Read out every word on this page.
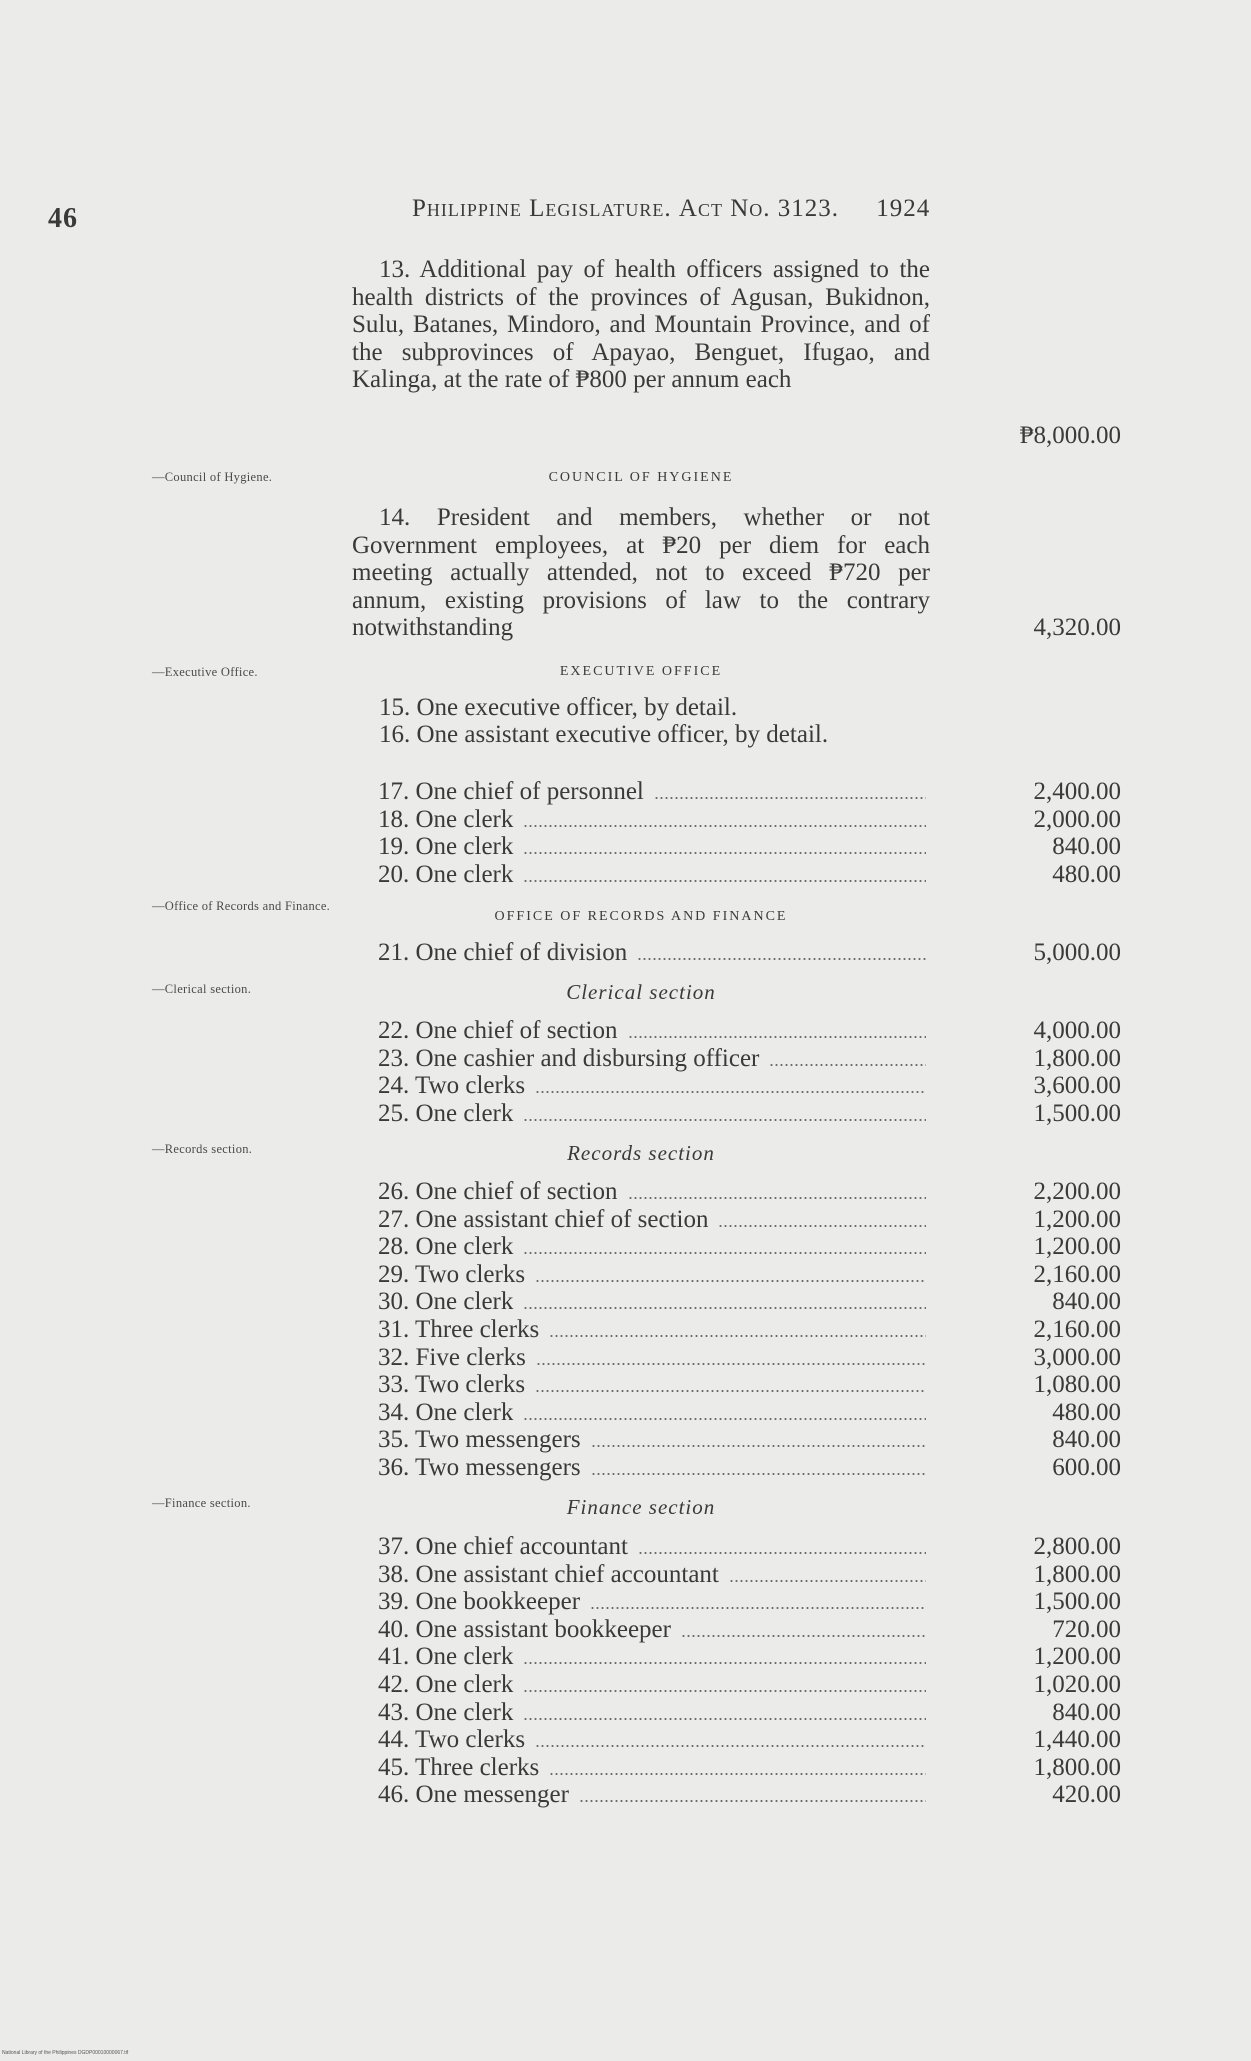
46	Philippine Legislature. Act No. 3123. 1924

13. Additional pay of health officers assigned to the health districts of the provinces of Agusan, Bukidnon, Sulu, Batanes, Mindoro, and Mountain Province, and of the subprovinces of Apayao, Benguet, Ifugao, and Kalinga, at the rate of ₱800 per annum each

₱8,000.00
—Council of Hygiene.	COUNCIL OF HYGIENE

14. President and members, whether or not Government employees, at ₱20 per diem for each meeting actually attended, not to exceed ₱720 per annum, existing provisions of law to the contrary notwithstanding	4,320.00
—Executive Office.	EXECUTIVE OFFICE

15. One executive officer, by detail.

16. One assistant executive officer, by detail.

—Office of Records and Finance.
OFFICE OF RECORDS AND FINANCE
—Clerical section.	Clerical section
—Records section.	Records section
—Finance section.	Finance section
17. One chief of personnel	2,400.00
18. One clerk	2,000.00
19. One clerk	840.00
20. One clerk	480.00
21. One chief of division	5,000.00
22. One chief of section	4,000.00
23. One cashier and disbursing officer	1,800.00
24. Two clerks	3,600.00
25. One clerk	1,500.00
26. One chief of section	2,200.00
27. One assistant chief of section	1,200.00
28. One clerk	1,200.00
29. Two clerks	2,160.00
30. One clerk	840.00
31. Three clerks	2,160.00
32. Five clerks	3,000.00
33. Two clerks	1,080.00
34. One clerk	480.00
35. Two messengers	840.00
36. Two messengers	600.00
37. One chief accountant	2,800.00
38. One assistant chief accountant	1,800.00
39. One bookkeeper	1,500.00
40. One assistant bookkeeper	720.00
41. One clerk	1,200.00
42. One clerk	1,020.00
43. One clerk	840.00
44. Two clerks	1,440.00
45. Three clerks	1,800.00
46. One messenger	420.00
National Library of the Philippines DGDP00010000067.tif
